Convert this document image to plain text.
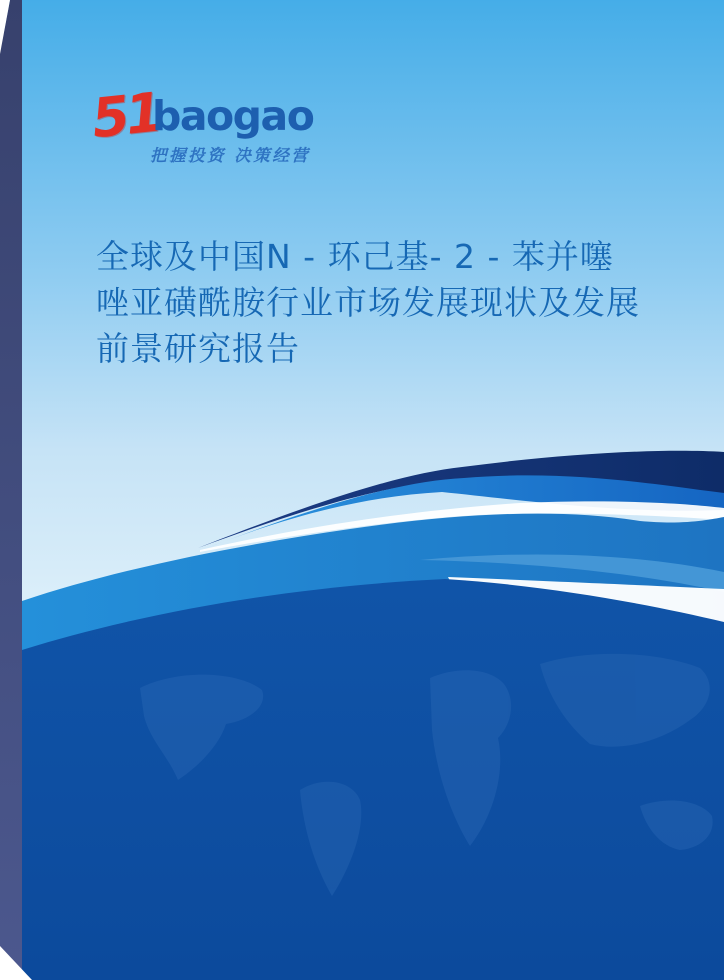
51
baogao
把握投资 决策经营
全球及中国N - 环己基- 2 - 苯并噻
唑亚磺酰胺行业市场发展现状及发展
前景研究报告
